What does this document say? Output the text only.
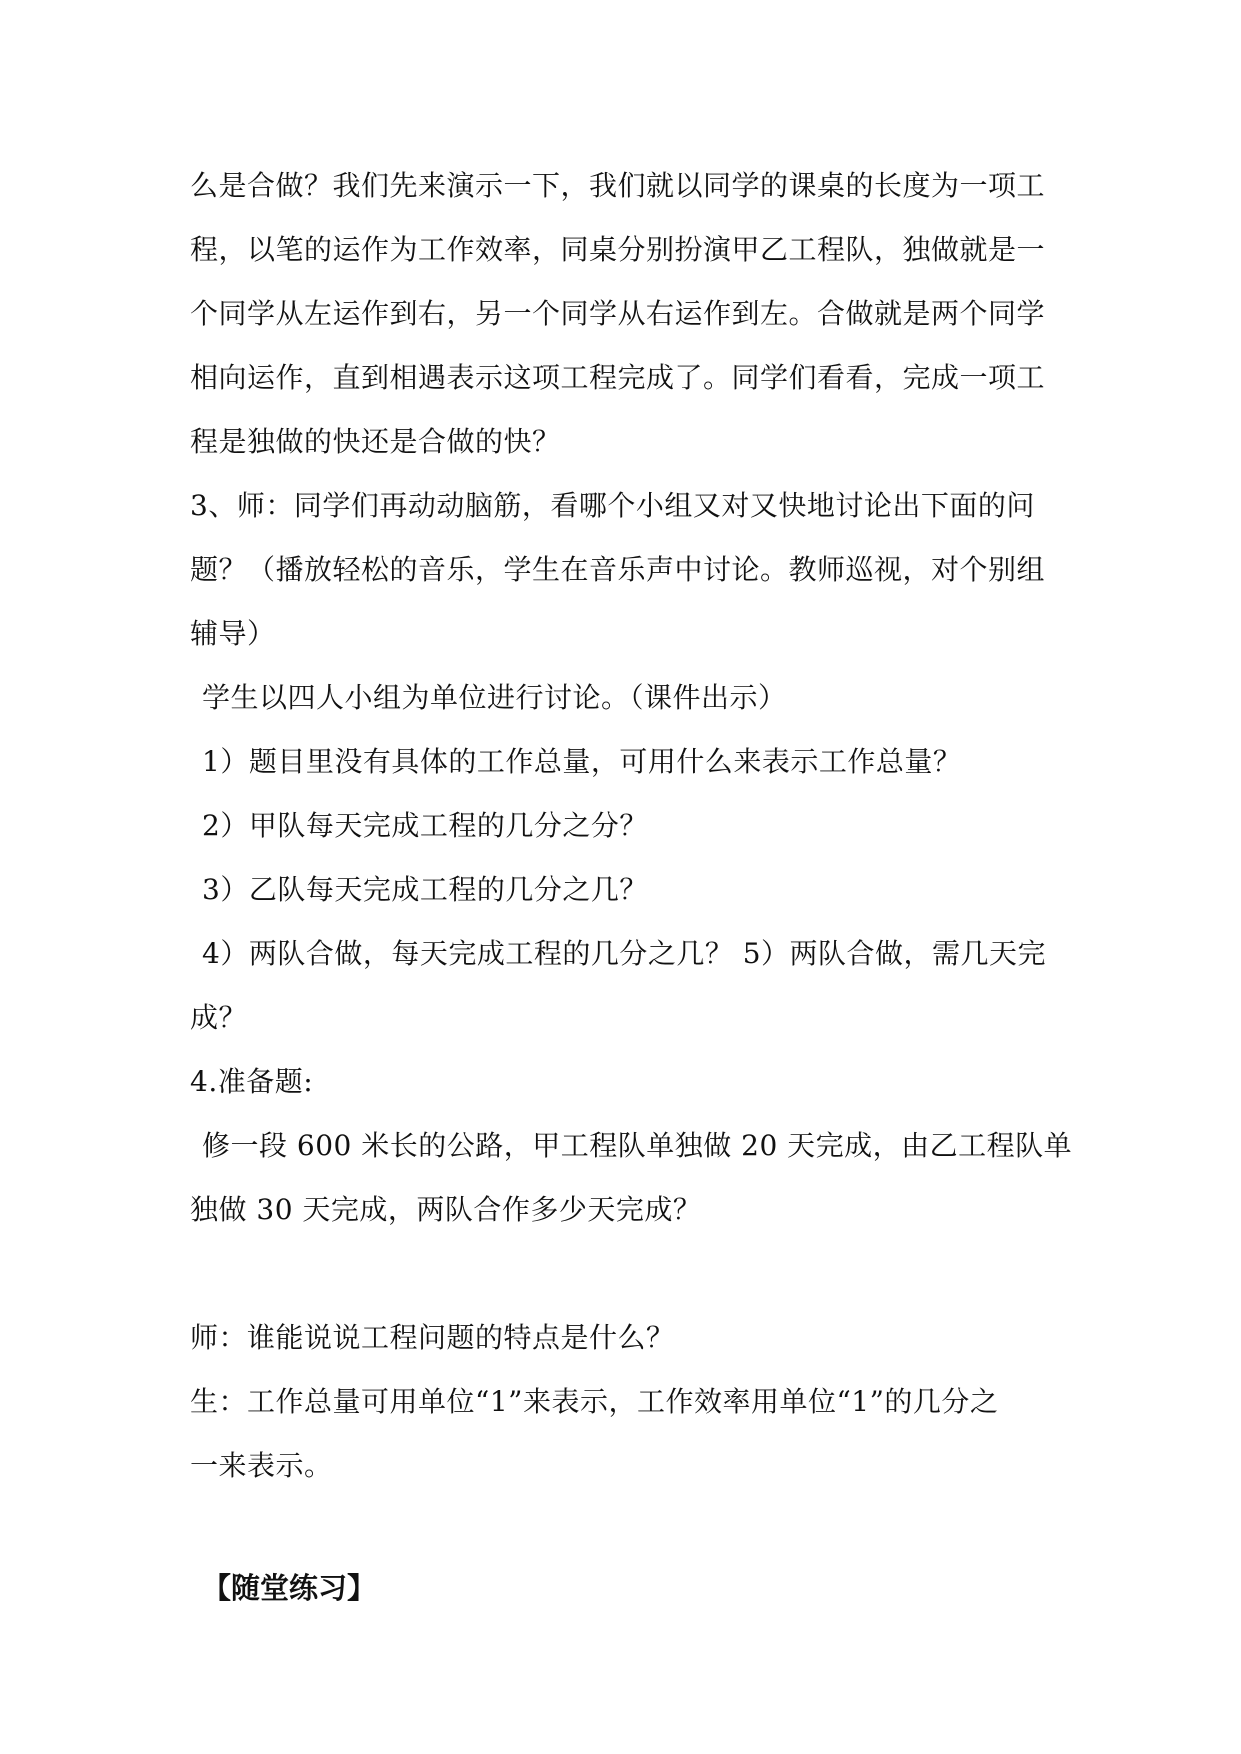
么是合做？我们先来演示一下，我们就以同学的课桌的长度为一项工
程，以笔的运作为工作效率，同桌分别扮演甲乙工程队，独做就是一
个同学从左运作到右，另一个同学从右运作到左。合做就是两个同学
相向运作，直到相遇表示这项工程完成了。同学们看看，完成一项工
程是独做的快还是合做的快？
3、师：同学们再动动脑筋，看哪个小组又对又快地讨论出下面的问
题？（播放轻松的音乐，学生在音乐声中讨论。教师巡视，对个别组
辅导）
学生以四人小组为单位进行讨论。（课件出示）
1）题目里没有具体的工作总量，可用什么来表示工作总量？
2）甲队每天完成工程的几分之分？
3）乙队每天完成工程的几分之几？
4）两队合做，每天完成工程的几分之几？ 5）两队合做，需几天完
成？
4.准备题:
修一段 600 米长的公路，甲工程队单独做 20 天完成，由乙工程队单
独做 30 天完成，两队合作多少天完成？
师：谁能说说工程问题的特点是什么？
生：工作总量可用单位“1”来表示，工作效率用单位“1”的几分之
一来表示。
【随堂练习】
